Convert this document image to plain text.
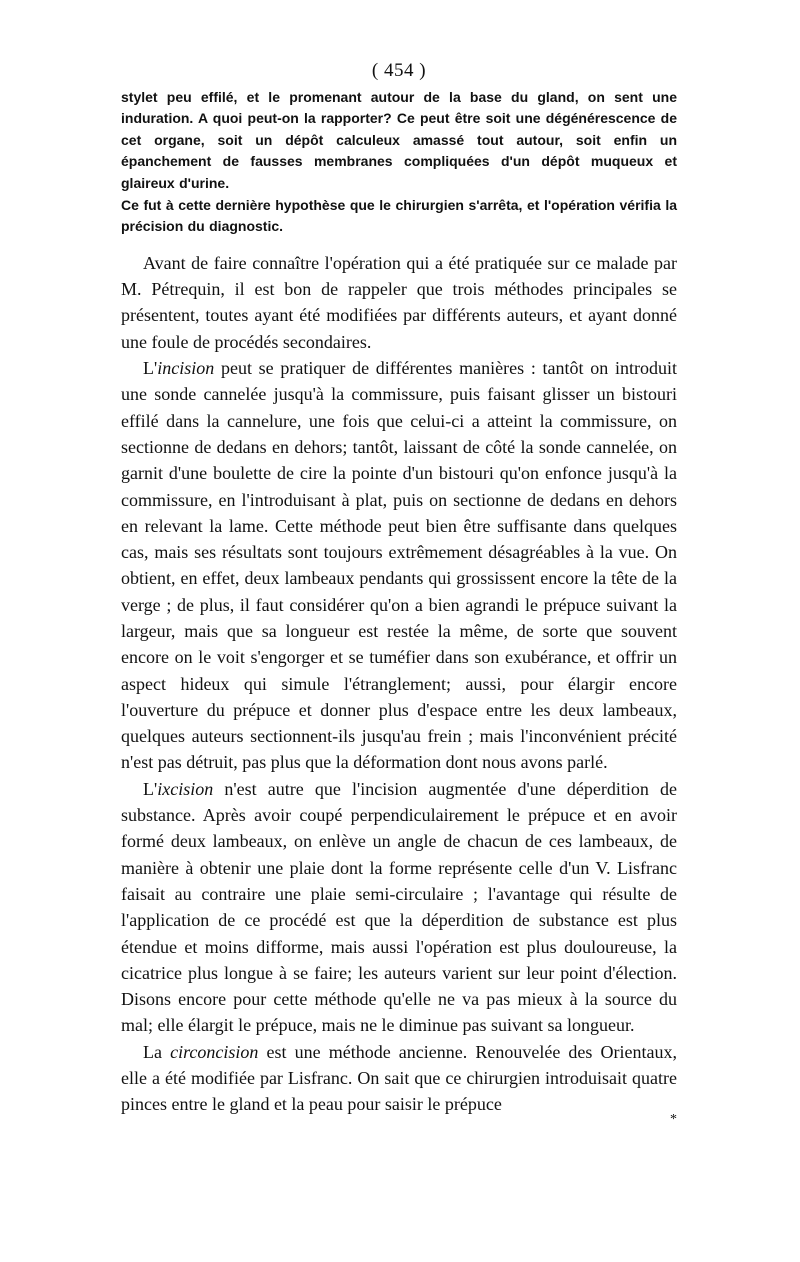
( 454 )

stylet peu effilé, et le promenant autour de la base du gland, on sent une induration. A quoi peut-on la rapporter? Ce peut être soit une dégénérescence de cet organe, soit un dépôt calculeux amassé tout autour, soit enfin un épanchement de fausses membranes compliquées d'un dépôt muqueux et glaireux d'urine.

Ce fut à cette dernière hypothèse que le chirurgien s'arrêta, et l'opération vérifia la précision du diagnostic.

Avant de faire connaître l'opération qui a été pratiquée sur ce malade par M. Pétrequin, il est bon de rappeler que trois méthodes principales se présentent, toutes ayant été modifiées par différents auteurs, et ayant donné une foule de procédés secondaires.

L'incision peut se pratiquer de différentes manières : tantôt on introduit une sonde cannelée jusqu'à la commissure, puis faisant glisser un bistouri effilé dans la cannelure, une fois que celui-ci a atteint la commissure, on sectionne de dedans en dehors; tantôt, laissant de côté la sonde cannelée, on garnit d'une boulette de cire la pointe d'un bistouri qu'on enfonce jusqu'à la commissure, en l'introduisant à plat, puis on sectionne de dedans en dehors en relevant la lame. Cette méthode peut bien être suffisante dans quelques cas, mais ses résultats sont toujours extrêmement désagréables à la vue. On obtient, en effet, deux lambeaux pendants qui grossissent encore la tête de la verge ; de plus, il faut considérer qu'on a bien agrandi le prépuce suivant la largeur, mais que sa longueur est restée la même, de sorte que souvent encore on le voit s'engorger et se tuméfier dans son exubérance, et offrir un aspect hideux qui simule l'étranglement; aussi, pour élargir encore l'ouverture du prépuce et donner plus d'espace entre les deux lambeaux, quelques auteurs sectionnent-ils jusqu'au frein ; mais l'inconvénient précité n'est pas détruit, pas plus que la déformation dont nous avons parlé.

L'ixcision n'est autre que l'incision augmentée d'une déperdition de substance. Après avoir coupé perpendiculairement le prépuce et en avoir formé deux lambeaux, on enlève un angle de chacun de ces lambeaux, de manière à obtenir une plaie dont la forme représente celle d'un V. Lisfranc faisait au contraire une plaie semi-circulaire ; l'avantage qui résulte de l'application de ce procédé est que la déperdition de substance est plus étendue et moins difforme, mais aussi l'opération est plus douloureuse, la cicatrice plus longue à se faire; les auteurs varient sur leur point d'élection. Disons encore pour cette méthode qu'elle ne va pas mieux à la source du mal; elle élargit le prépuce, mais ne le diminue pas suivant sa longueur.

La circoncision est une méthode ancienne. Renouvelée des Orientaux, elle a été modifiée par Lisfranc. On sait que ce chirurgien introduisait quatre pinces entre le gland et la peau pour saisir le prépuce

*
